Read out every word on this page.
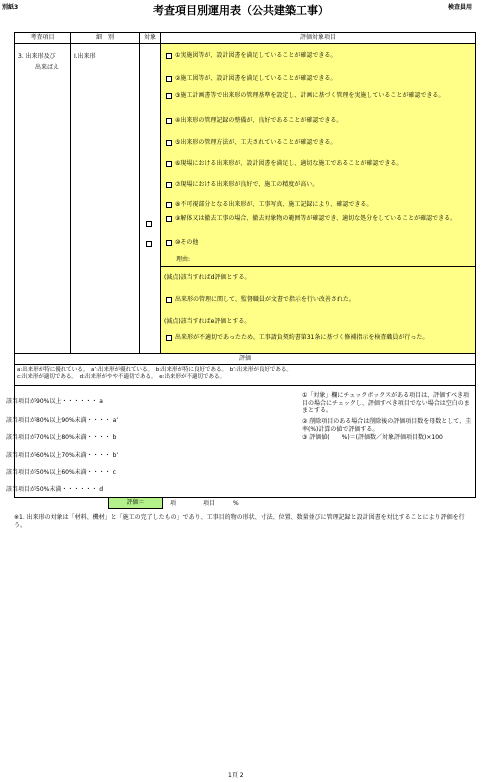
別紙3	考査項目別運用表（公共建築工事）	検査員用
考査項目	細　別	対象	評価対象項目
3. 出来形及び
出来ばえ
Ⅰ.出来形	①実施図等が、設計図書を満足していることが確認できる。
②施工図等が、設計図書を満足していることが確認できる。
③施工計画書等で出来形の管理基準を設定し、計画に基づく管理を実施していることが確認できる。
④出来形の管理記録の整備が、良好であることが確認できる。
⑤出来形の管理方法が、工夫されていることが確認できる。
⑥現場における出来形が、設計図書を満足し、適切な施工であることが確認できる。
⑦現場における出来形が良好で、施工の精度が高い。
⑧不可視部分となる出来形が、工事写真、施工記録により、確認できる。
⑨解体又は撤去工事の場合、撤去対象物の範囲等が確認でき、適切な処分をしていることが確認できる。
⑩その他
理由:
(減点)該当すればd評価とする。
出来形の管理に関して、監督職員が文書で指示を行い改善された。
(減点)該当すればe評価とする。
出来形が不適切であったため、工事請負契約書第31条に基づく修補指示を検査職員が行った。
評価
a:出来形が特に優れている。　a’:出来形が優れている。　b:出来形が特に良好である。　b’:出来形が良好である。
c:出来形が適切である。　d:出来形がやや不適切である。　e:出来形が不適切である。
該当項目が90%以上・・・・・・ a
該当項目が80%以上90%未満・・・・ a’
該当項目が70%以上80%未満・・・・ b
該当項目が60%以上70%未満・・・・ b’
該当項目が50%以上60%未満・・・・ c
該当項目が50%未満・・・・・・ d
①「対象」欄にチェックボックスがある項目は、評価すべき項目の場合にチェックし、評価すべき項目でない場合は空白のままとする。
② 削除項目のある場合は削除後の評価項目数を母数として、圭率(%)計算の値で評価する。
③ 評価値(　　%)＝(評価数／対象評価項目数)×100
評価＝	項	項目	%
※1. 出来形の対象は「材料、機材」と「施工の完了したもの」であり、工事目的物の形状、寸法、位置、数量並びに管理記録と設計図書を対比することにより評価を行う。
1頁 2
